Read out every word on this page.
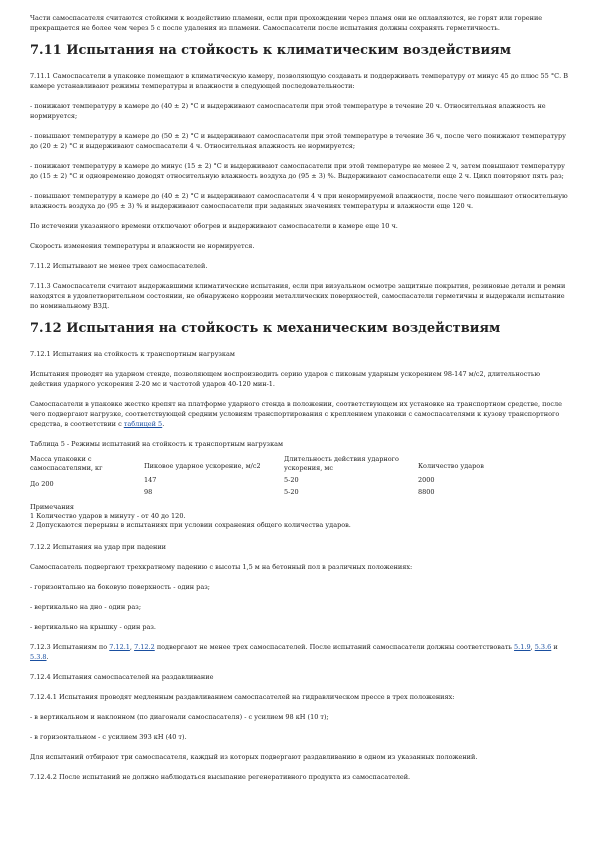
Части самоспасателя считаются стойкими к воздействию пламени, если при прохождении через пламя они не оплавляются, не горят или горение прекращается не более чем через 5 с после удаления из пламени. Самоспасатели после испытания должны сохранять герметичность.

7.11 Испытания на стойкость к климатическим воздействиям

7.11.1 Самоспасатели в упаковке помещают в климатическую камеру, позволяющую создавать и поддерживать температуру от минус 45 до плюс 55 °С. В камере устанавливают режимы температуры и влажности в следующей последовательности:

- понижают температуру в камере до (40 ± 2) °С и выдерживают самоспасатели при этой температуре в течение 20 ч. Относительная влажность не нормируется;

- повышают температуру в камере до (50 ± 2) °С и выдерживают самоспасатели при этой температуре в течение 36 ч, после чего понижают температуру до (20 ± 2) °С и выдерживают самоспасатели 4 ч. Относительная влажность не нормируется;

- понижают температуру в камере до минус (15 ± 2) °С и выдерживают самоспасатели при этой температуре не менее 2 ч, затем повышают температуру до (15 ± 2) °С и одновременно доводят относительную влажность воздуха до (95 ± 3) %. Выдерживают самоспасатели еще 2 ч. Цикл повторяют пять раз;

- повышают температуру в камере до (40 ± 2) °С и выдерживают самоспасатели 4 ч при ненормируемой влажности, после чего повышают относительную влажность воздуха до (95 ± 3) % и выдерживают самоспасатели при заданных значениях температуры и влажности еще 120 ч.

По истечении указанного времени отключают обогрев и выдерживают самоспасатели в камере еще 10 ч.

Скорость изменения температуры и влажности не нормируется.

7.11.2 Испытывают не менее трех самоспасателей.

7.11.3 Самоспасатели считают выдержавшими климатические испытания, если при визуальном осмотре защитные покрытия, резиновые детали и ремни находятся в удовлетворительном состоянии, не обнаружено коррозии металлических поверхностей, самоспасатели герметичны и выдержали испытание по номинальному ВЗД.

7.12 Испытания на стойкость к механическим воздействиям

7.12.1 Испытания на стойкость к транспортным нагрузкам

Испытания проводят на ударном стенде, позволяющем воспроизводить серию ударов с пиковым ударным ускорением 98-147 м/с2, длительностью действия ударного ускорения 2-20 мс и частотой ударов 40-120 мин-1.

Самоспасатели в упаковке жестко крепят на платформе ударного стенда в положении, соответствующем их установке на транспортном средстве, после чего подвергают нагрузке, соответствующей средним условиям транспортирования с креплением упаковки с самоспасателями к кузову транспортного средства, в соответствии с таблицей 5.

Таблица 5 - Режимы испытаний на стойкость к транспортным нагрузкам

Масса упаковки с самоспасателями, кг	Пиковое ударное ускорение, м/с2	Длительность действия ударного ускорения, мс	Количество ударов
До 200	147	5-20	2000
	98	5-20	8800
Примечания
1 Количество ударов в минуту - от 40 до 120.
2 Допускаются перерывы в испытаниях при условии сохранения общего количества ударов.

7.12.2 Испытания на удар при падении

Самоспасатель подвергают трехкратному падению с высоты 1,5 м на бетонный пол в различных положениях:

- горизонтально на боковую поверхность - один раз;

- вертикально на дно - один раз;

- вертикально на крышку - один раз.

7.12.3 Испытаниям по 7.12.1, 7.12.2 подвергают не менее трех самоспасателей. После испытаний самоспасатели должны соответствовать 5.1.9, 5.3.6 и 5.3.8.

7.12.4 Испытания самоспасателей на раздавливание

7.12.4.1 Испытания проводят медленным раздавливанием самоспасателей на гидравлическом прессе в трех положениях:

- в вертикальном и наклонном (по диагонали самоспасателя) - с усилием 98 кН (10 т);

- в горизонтальном - с усилием 393 кН (40 т).

Для испытаний отбирают три самоспасателя, каждый из которых подвергают раздавливанию в одном из указанных положений.

7.12.4.2 После испытаний не должно наблюдаться высыпание регенеративного продукта из самоспасателей.
